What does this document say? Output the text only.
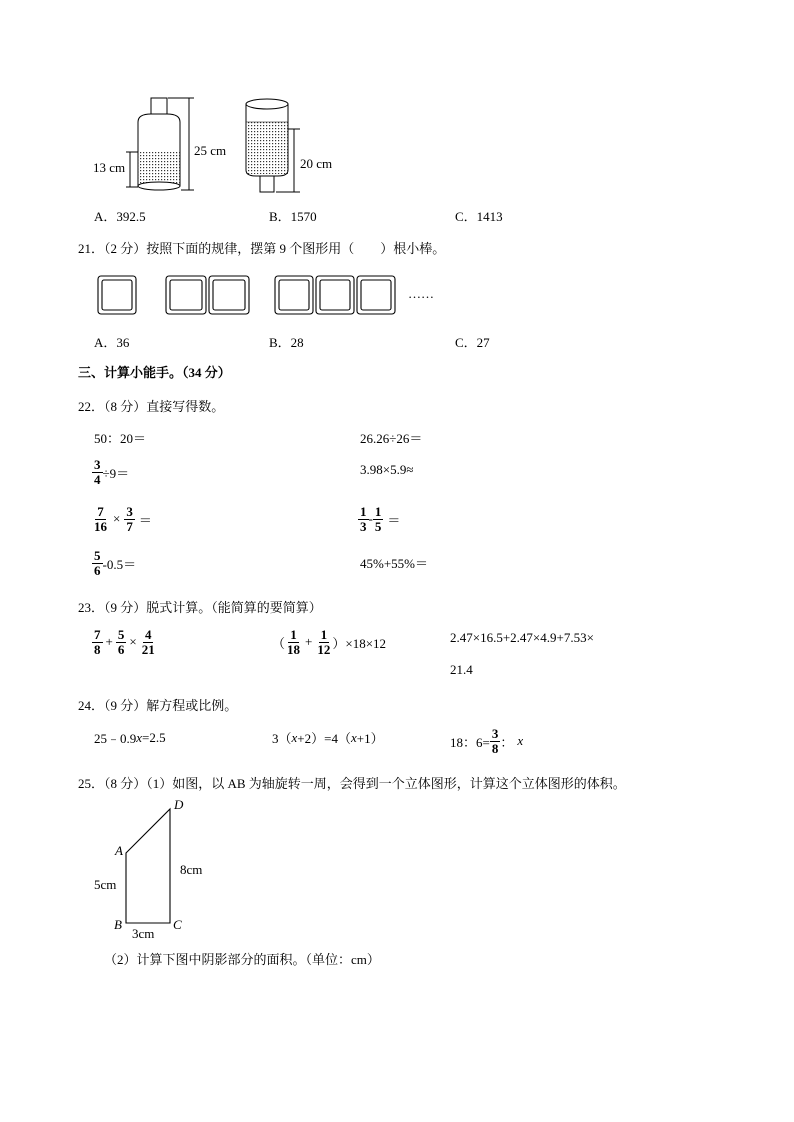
13 cm
25 cm
20 cm
A．392.5	B．1570	C．1413
21．（2 分）按照下面的规律，摆第 9 个图形用（　　）根小棒。
……
A．36	B．28	C．27
三、计算小能手。（34 分）
22．（8 分）直接写得数。
50：20＝	26.26÷26＝
$\frac{3}{4} \div 9=$	3.98×5.9≈
$\frac{7}{16} \times \frac{3}{7}$ ＝	$\frac{1}{3} - \frac{1}{5}$ ＝
$\frac{5}{6} -0.5=$	45%+55%＝
23．（9 分）脱式计算。（能简算的要简算）
$\frac{7}{8} + \frac{5}{6} \times \frac{4}{21}$	（ $\frac{1}{18} + \frac{1}{12} )\times 18\times 12$	2.47×16.5+2.47×4.9+7.53×
21.4
24．（9 分）解方程或比例。
25﹣0.9 x =2.5	3（ x +2）=4（ x +1）	18：$6= \frac{3}{8}$ ： x
25．（8 分）（1）如图，以 AB 为轴旋转一周，会得到一个立体图形，计算这个立体图形的体积。
A
D
B	C
5cm
8cm
3cm
（2）计算下图中阴影部分的面积。（单位：cm）
